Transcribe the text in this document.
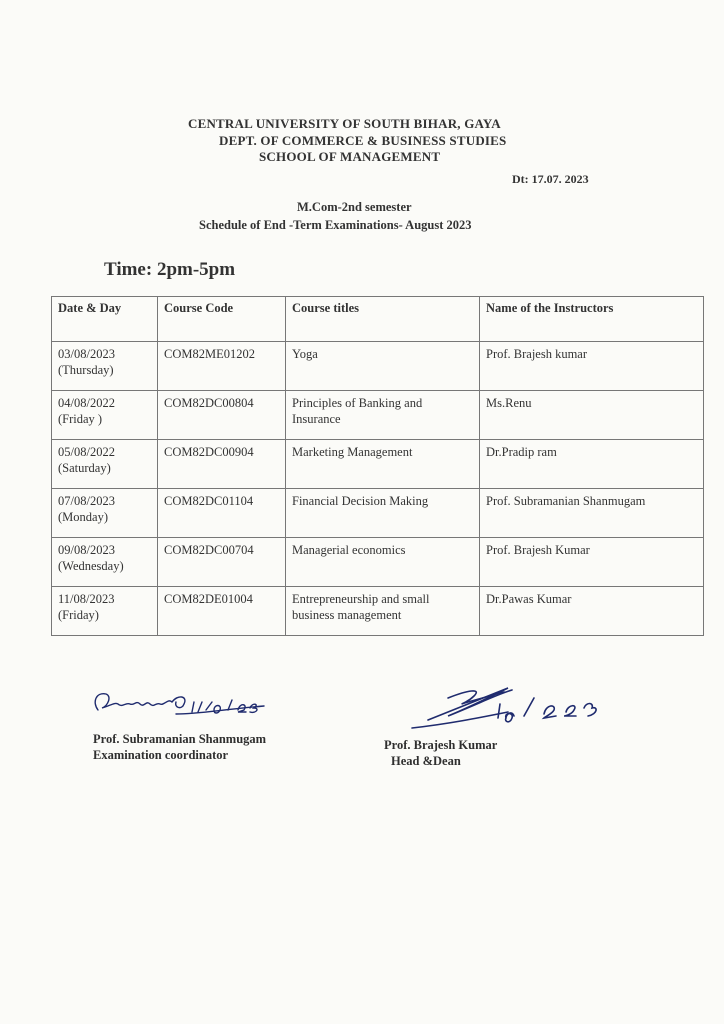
CENTRAL UNIVERSITY OF SOUTH BIHAR, GAYA
DEPT. OF COMMERCE & BUSINESS STUDIES
SCHOOL OF MANAGEMENT
Dt: 17.07. 2023
M.Com-2nd semester
Schedule of End -Term Examinations- August 2023
Time: 2pm-5pm
Date & Day	Course Code	Course titles	Name of the Instructors

03/08/2023
(Thursday)	COM82ME01202	Yoga	Prof. Brajesh kumar

04/08/2022
(Friday )	COM82DC00804	Principles of Banking and Insurance	Ms.Renu

05/08/2022
(Saturday)	COM82DC00904	Marketing Management	Dr.Pradip ram

07/08/2023
(Monday)	COM82DC01104	Financial Decision Making	Prof. Subramanian Shanmugam

09/08/2023
(Wednesday)	COM82DC00704	Managerial economics	Prof. Brajesh Kumar

11/08/2023
(Friday)	COM82DE01004	Entrepreneurship and small business management	Dr.Pawas Kumar
Prof. Subramanian Shanmugam
Examination coordinator
Prof. Brajesh Kumar
Head &Dean
